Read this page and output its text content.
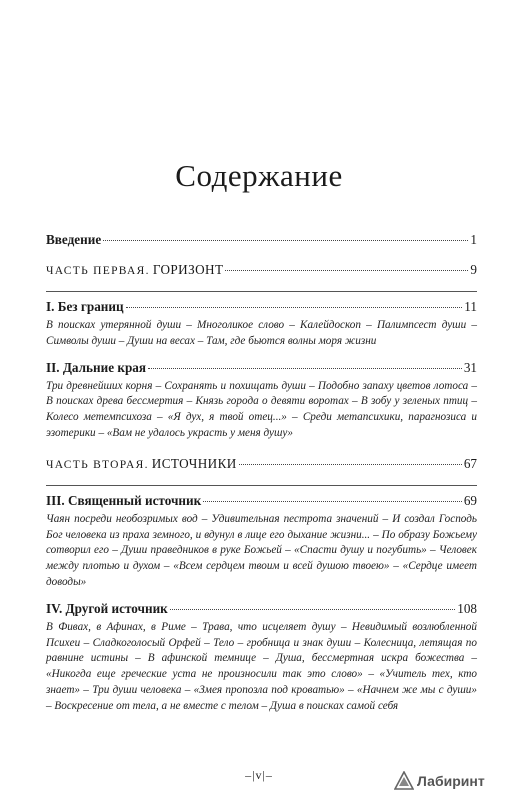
Содержание
Введение	1
ЧАСТЬ ПЕРВАЯ. ГОРИЗОНТ	9
I. Без границ	11

В поисках утерянной души – Многоликое слово – Калейдоскоп – Палимпсест души – Символы души – Души на весах – Там, где бьются волны моря жизни

II. Дальние края	31

Три древнейших корня – Сохранять и похищать души – Подобно запаху цветов лотоса – В поисках древа бессмертия – Князь города о девяти воротах – В зобу у зеленых птиц – Колесо метемпсихоза – «Я дух, я твой отец...» – Среди метапсихики, парагнозиса и эзотерики – «Вам не удалось украсть у меня душу»

ЧАСТЬ ВТОРАЯ. ИСТОЧНИКИ	67
III. Священный источник	69

Чаян посреди необозримых вод – Удивительная пестрота значений – И создал Господь Бог человека из праха земного, и вдунул в лице его дыхание жизни... – По образу Божьему сотворил его – Души праведников в руке Божьей – «Спасти душу и погубить» – Человек между плотью и духом – «Всем сердцем твоим и всей душою твоею» – «Сердце имеет доводы»

IV. Другой источник	108

В Фивах, в Афинах, в Риме – Трава, что исцеляет душу – Невидимый возлюбленной Психеи – Сладкоголосый Орфей – Тело – гробница и знак души – Колесница, летящая по равнине истины – В афинской темнице – Душа, бессмертная искра божества – «Никогда еще греческие уста не произносили так это слово» – «Учитель тех, кто знает» – Три души человека – «Змея пропозла под кроватью» – «Начнем же мы с души» – Воскресение от тела, а не вместе с телом – Душа в поисках самой себя

–|v|–	Лабиринт
